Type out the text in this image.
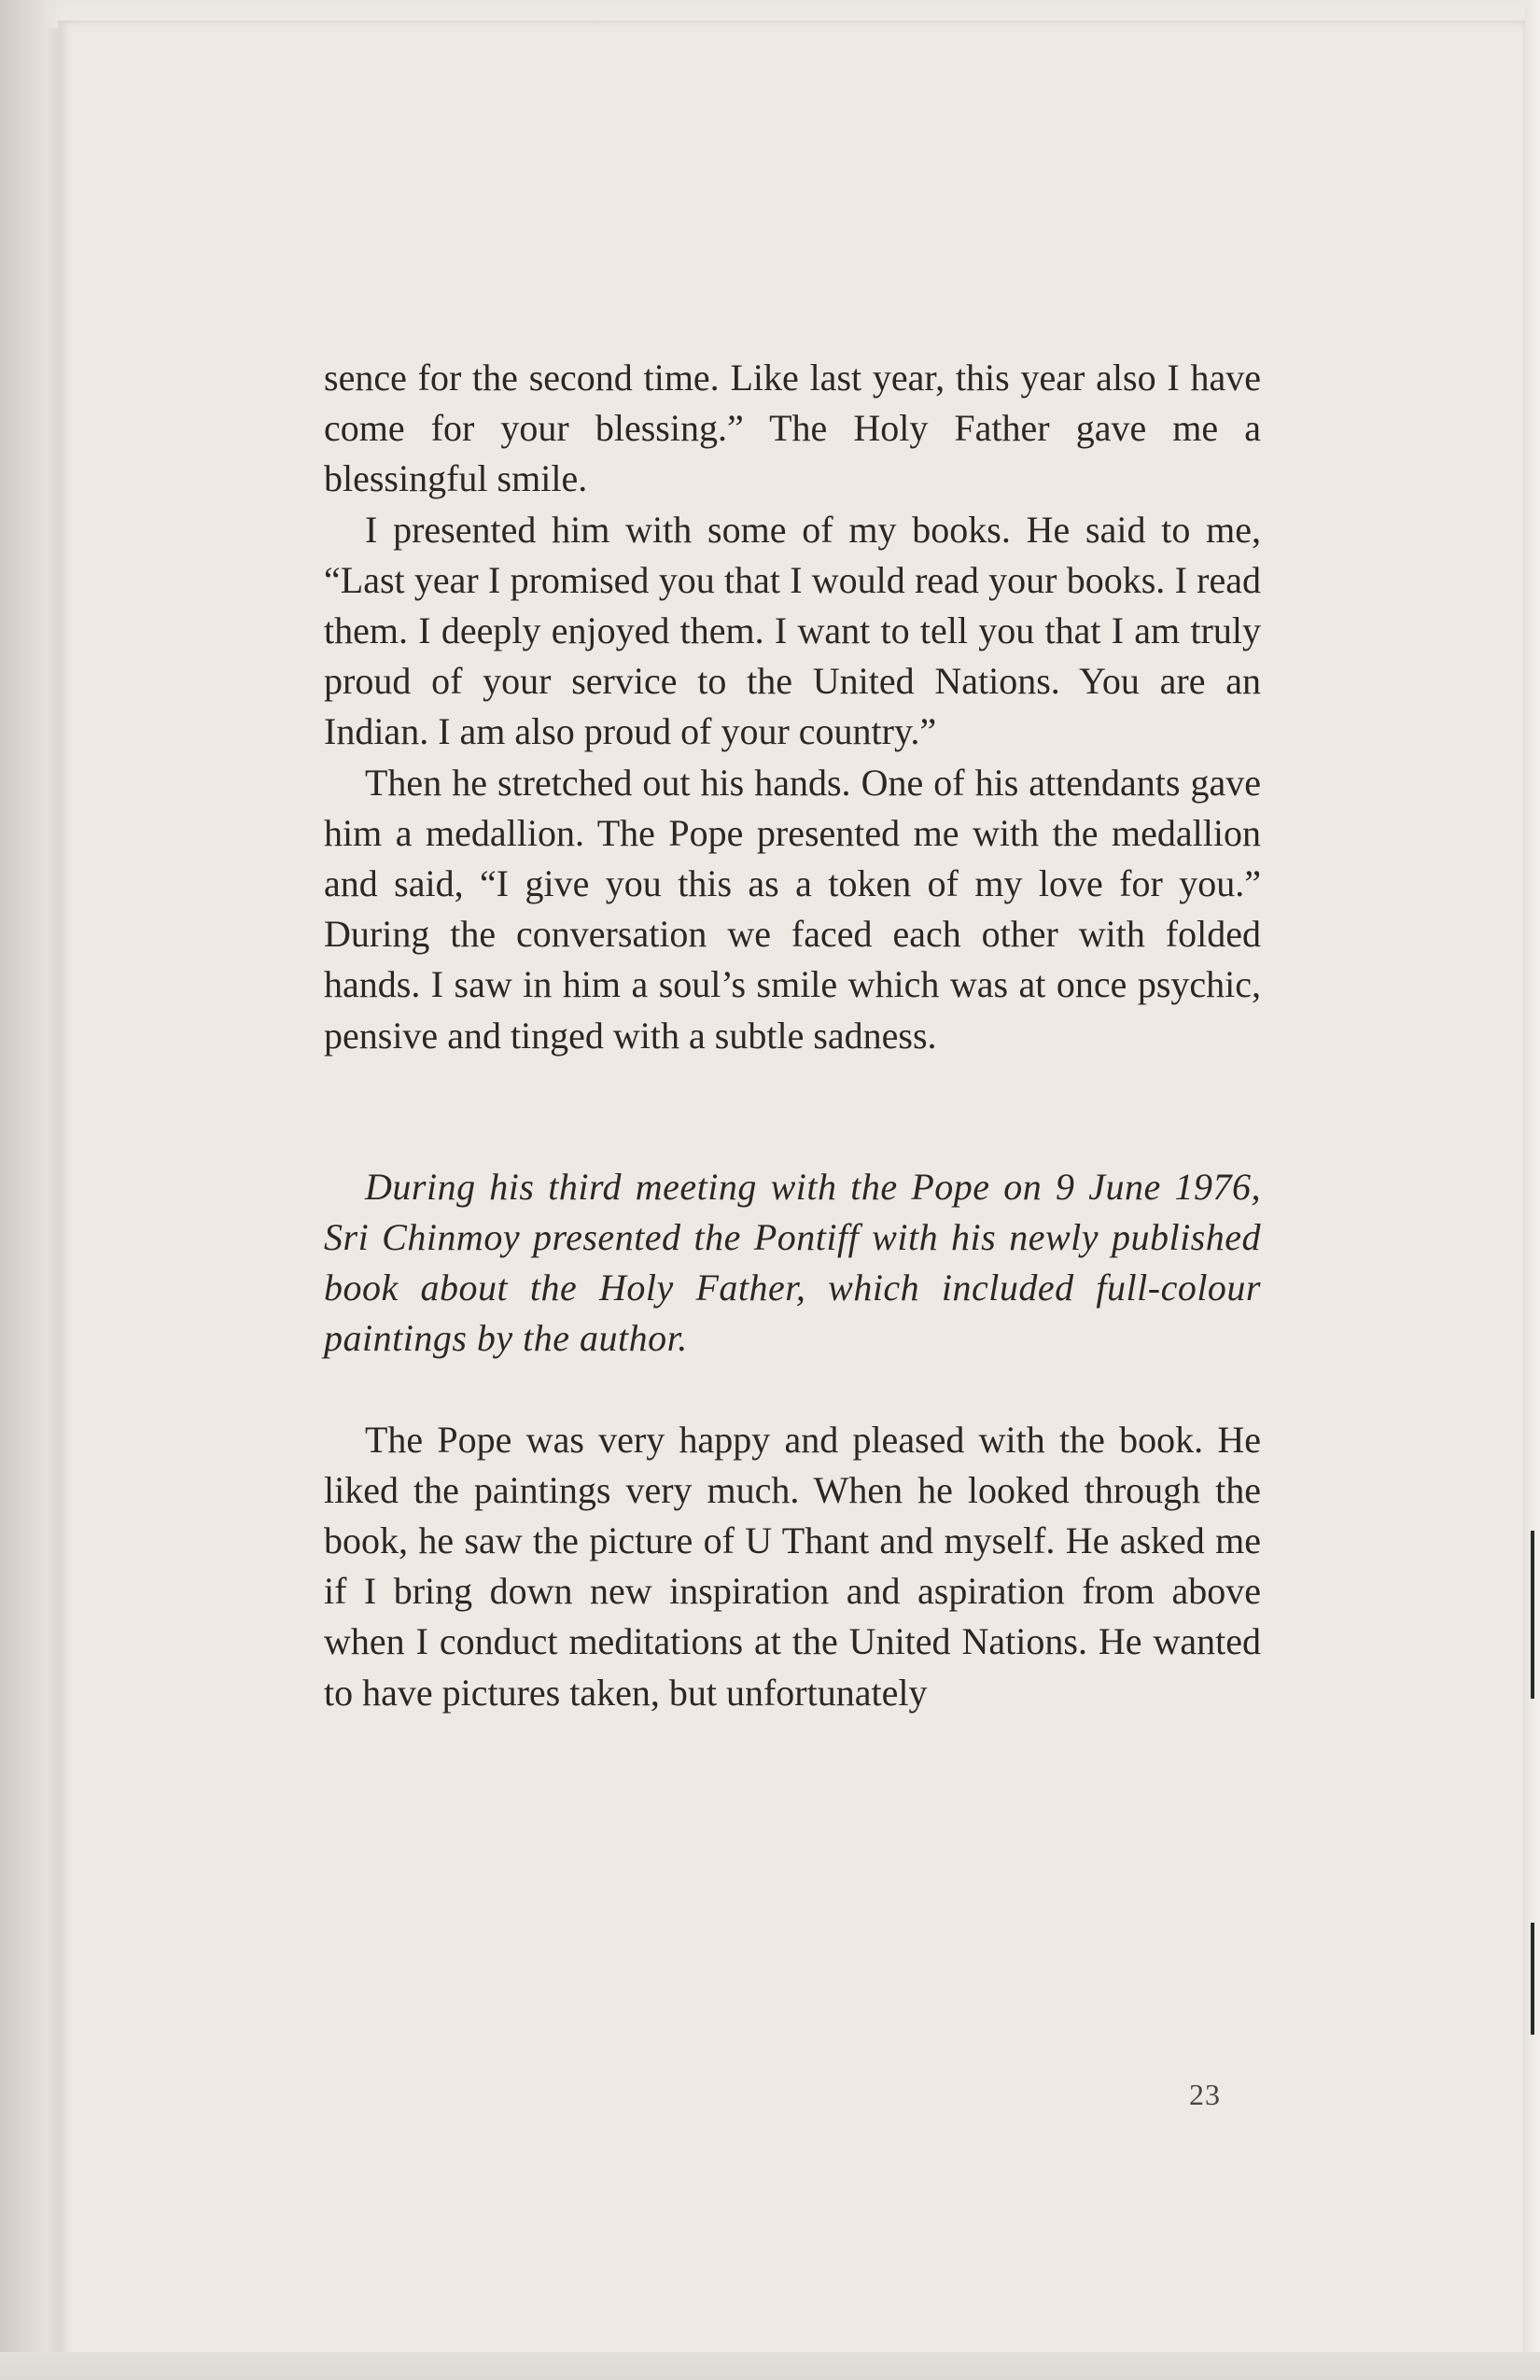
sence for the second time. Like last year, this year also I have come for your blessing.” The Holy Father gave me a blessingful smile.

I presented him with some of my books. He said to me, “Last year I promised you that I would read your books. I read them. I deeply enjoyed them. I want to tell you that I am truly proud of your service to the United Nations. You are an Indian. I am also proud of your country.”

Then he stretched out his hands. One of his attendants gave him a medallion. The Pope presented me with the medallion and said, “I give you this as a token of my love for you.” During the conversation we faced each other with folded hands. I saw in him a soul’s smile which was at once psychic, pensive and tinged with a subtle sadness.

During his third meeting with the Pope on 9 June 1976, Sri Chinmoy presented the Pontiff with his newly published book about the Holy Father, which included full-colour paintings by the author.

The Pope was very happy and pleased with the book. He liked the paintings very much. When he looked through the book, he saw the picture of U Thant and myself. He asked me if I bring down new inspiration and aspiration from above when I conduct meditations at the United Nations. He wanted to have pictures taken, but unfortunately

23
